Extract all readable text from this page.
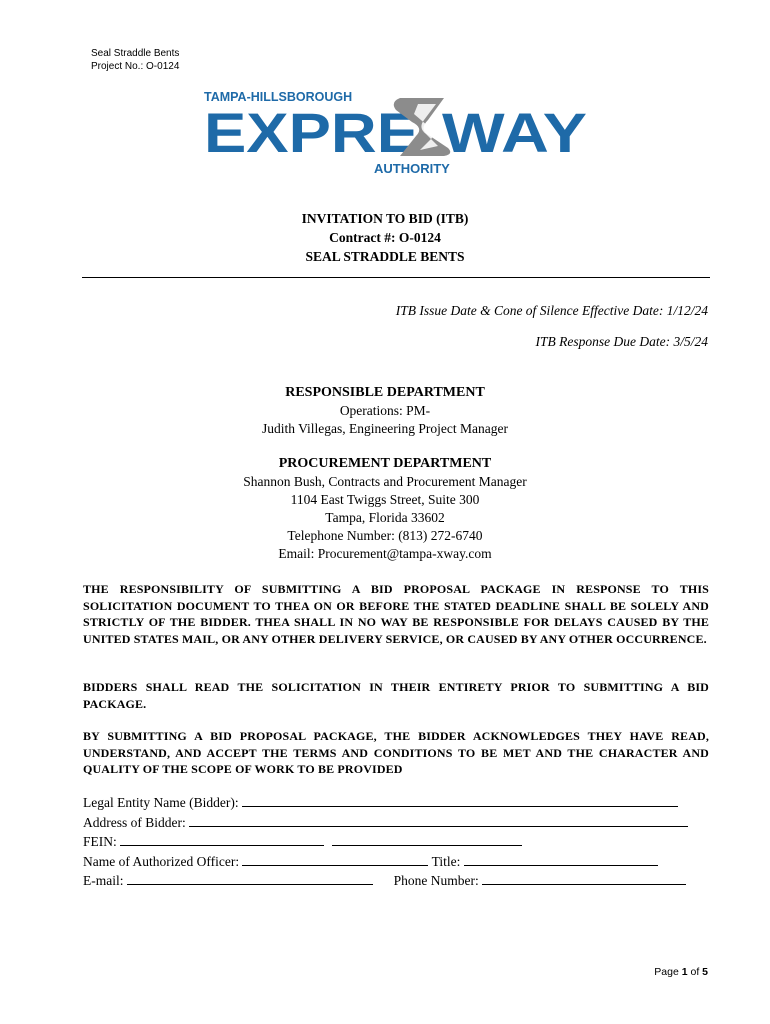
Seal Straddle Bents
Project No.: O-0124
TAMPA-HILLSBOROUGH
EXPRE WAY
AUTHORITY
INVITATION TO BID (ITB)
Contract #: O-0124
SEAL STRADDLE BENTS
ITB Issue Date & Cone of Silence Effective Date: 1/12/24
ITB Response Due Date: 3/5/24
RESPONSIBLE DEPARTMENT
Operations: PM-
Judith Villegas, Engineering Project Manager
PROCUREMENT DEPARTMENT
Shannon Bush, Contracts and Procurement Manager
1104 East Twiggs Street, Suite 300
Tampa, Florida 33602
Telephone Number: (813) 272-6740
Email: Procurement@tampa-xway.com
THE RESPONSIBILITY OF SUBMITTING A BID PROPOSAL PACKAGE IN RESPONSE TO THIS SOLICITATION DOCUMENT TO THEA ON OR BEFORE THE STATED DEADLINE SHALL BE SOLELY AND STRICTLY OF THE BIDDER. THEA SHALL IN NO WAY BE RESPONSIBLE FOR DELAYS CAUSED BY THE UNITED STATES MAIL, OR ANY OTHER DELIVERY SERVICE, OR CAUSED BY ANY OTHER OCCURRENCE.
BIDDERS SHALL READ THE SOLICITATION IN THEIR ENTIRETY PRIOR TO SUBMITTING A BID PACKAGE.
BY SUBMITTING A BID PROPOSAL PACKAGE, THE BIDDER ACKNOWLEDGES THEY HAVE READ, UNDERSTAND, AND ACCEPT THE TERMS AND CONDITIONS TO BE MET AND THE CHARACTER AND QUALITY OF THE SCOPE OF WORK TO BE PROVIDED
Legal Entity Name (Bidder):
Address of Bidder:
FEIN:
Name of Authorized Officer:	Title:
E-mail:	Phone Number:
Page 1 of 5
